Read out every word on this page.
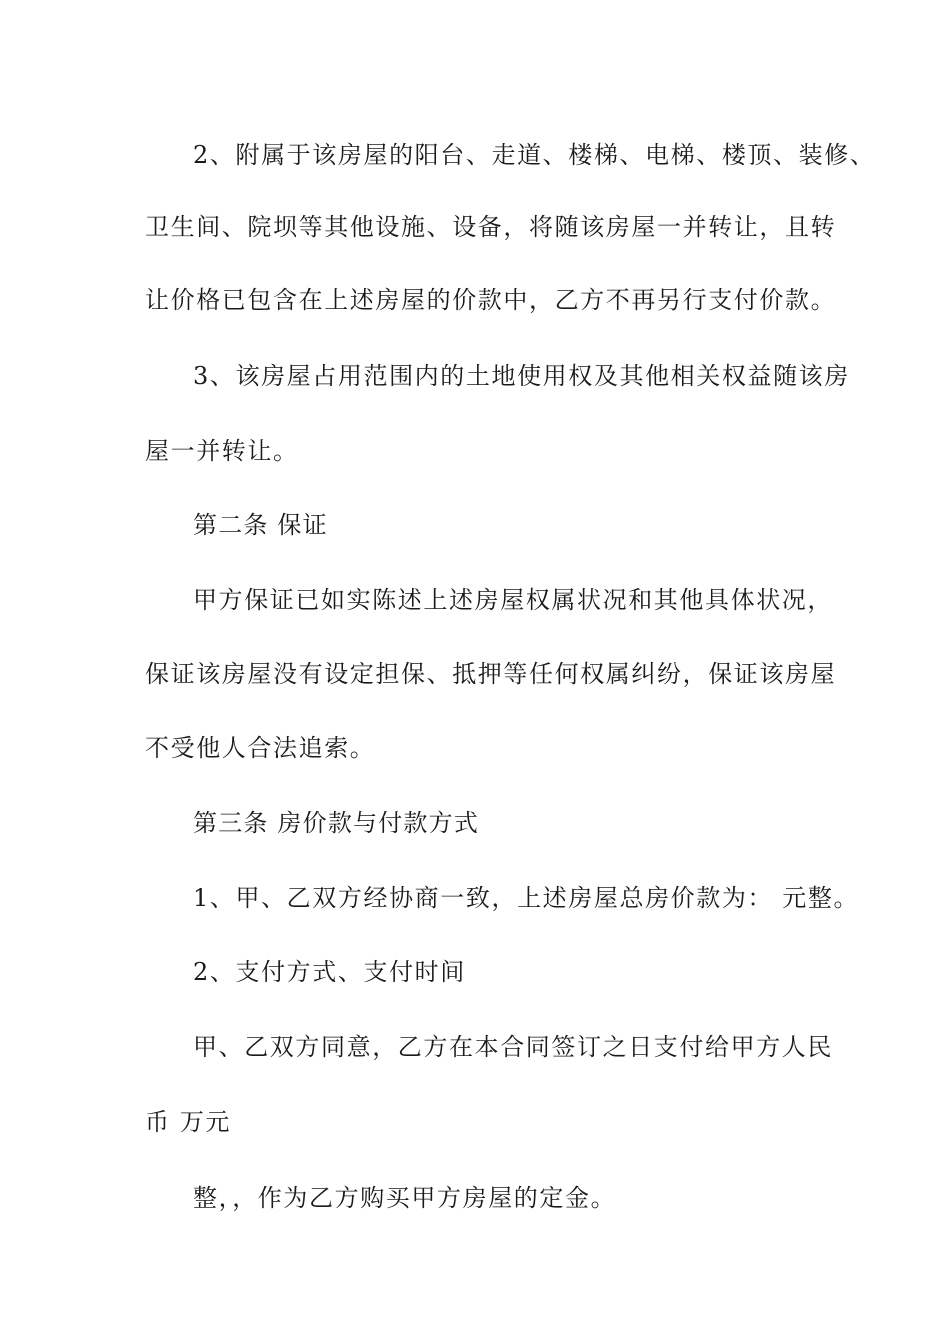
2、附属于该房屋的阳台、走道、楼梯、电梯、楼顶、装修、
卫生间、院坝等其他设施、设备，将随该房屋一并转让，且转
让价格已包含在上述房屋的价款中，乙方不再另行支付价款。
3、该房屋占用范围内的土地使用权及其他相关权益随该房
屋一并转让。
第二条 保证
甲方保证已如实陈述上述房屋权属状况和其他具体状况，
保证该房屋没有设定担保、抵押等任何权属纠纷，保证该房屋
不受他人合法追索。
第三条 房价款与付款方式
1、甲、乙双方经协商一致，上述房屋总房价款为： 元整。
2、支付方式、支付时间
甲、乙双方同意，乙方在本合同签订之日支付给甲方人民
币 万元
整，，作为乙方购买甲方房屋的定金。
